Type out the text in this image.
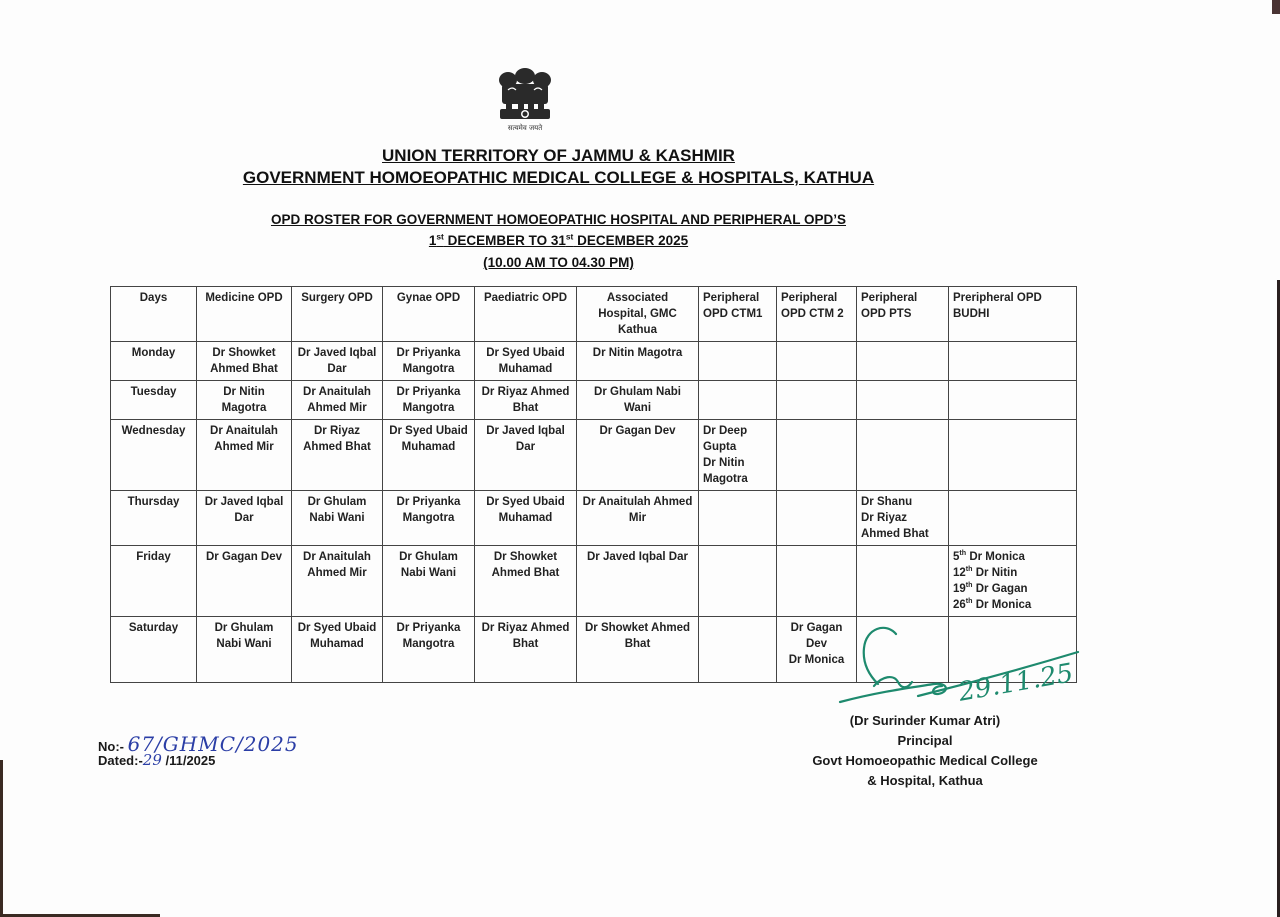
सत्यमेव जयते
UNION TERRITORY OF JAMMU & KASHMIR
GOVERNMENT HOMOEOPATHIC MEDICAL COLLEGE & HOSPITALS, KATHUA
OPD ROSTER FOR GOVERNMENT HOMOEOPATHIC HOSPITAL AND PERIPHERAL OPD’S
1st DECEMBER TO 31st DECEMBER 2025
(10.00 AM TO 04.30 PM)
Days	Medicine OPD	Surgery OPD	Gynae OPD	Paediatric OPD	Associated Hospital, GMC Kathua	Peripheral OPD CTM1	Peripheral OPD CTM 2	Peripheral OPD PTS	Preripheral OPD BUDHI
Monday	Dr Showket Ahmed Bhat	Dr Javed Iqbal Dar	Dr Priyanka Mangotra	Dr Syed Ubaid Muhamad	Dr Nitin Magotra				
Tuesday	Dr Nitin Magotra	Dr Anaitulah Ahmed Mir	Dr Priyanka Mangotra	Dr Riyaz Ahmed Bhat	Dr Ghulam Nabi Wani				
Wednesday	Dr Anaitulah Ahmed Mir	Dr Riyaz Ahmed Bhat	Dr Syed Ubaid Muhamad	Dr Javed Iqbal Dar	Dr Gagan Dev	Dr Deep Gupta
Dr Nitin Magotra			
Thursday	Dr Javed Iqbal Dar	Dr Ghulam Nabi Wani	Dr Priyanka Mangotra	Dr Syed Ubaid Muhamad	Dr Anaitulah Ahmed Mir			Dr Shanu
Dr Riyaz Ahmed Bhat	
Friday	Dr Gagan Dev	Dr Anaitulah Ahmed Mir	Dr Ghulam Nabi Wani	Dr Showket Ahmed Bhat	Dr Javed Iqbal Dar				5th Dr Monica
12th Dr Nitin
19th Dr Gagan
26th Dr Monica

Saturday	Dr Ghulam Nabi Wani	Dr Syed Ubaid Muhamad	Dr Priyanka Mangotra	Dr Riyaz Ahmed Bhat	Dr Showket Ahmed Bhat		Dr Gagan Dev
Dr Monica		
No:- 67/GHMC/2025
Dated:-29 /11/2025
29.11.25
(Dr Surinder Kumar Atri)
Principal
Govt Homoeopathic Medical College
& Hospital, Kathua
